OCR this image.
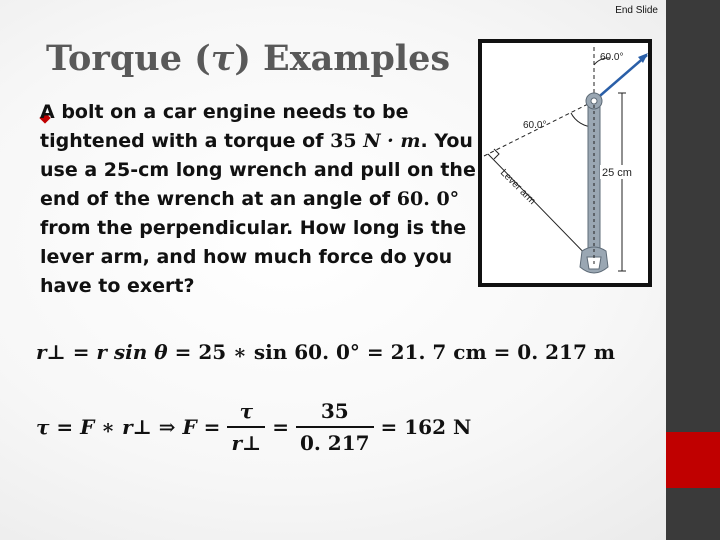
End Slide
Torque (τ) Examples

A bolt on a car engine needs to be tightened with a torque of 35 N · m. You use a 25-cm long wrench and pull on the end of the wrench at an angle of 60. 0° from the perpendicular. How long is the lever arm, and how much force do you have to exert?

60.0°
60.0°
Lever arm	25 cm
r⊥ = r sin θ = 25 ∗ sin 60. 0° = 21. 7 cm = 0. 217 m
τ = F ∗ r⊥ ⇒ $F = \frac{\tau}{r\perp} = \frac{35}{0. 217} = 162$ N
